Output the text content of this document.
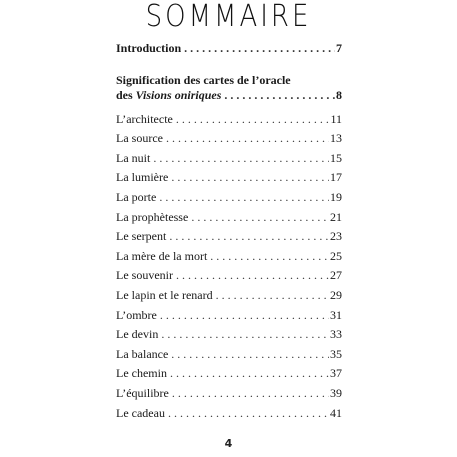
SOMMAIRE
Introduction . . .	7
Signification des cartes de l’oracle
des Visions oniriques . . .	8
L’architecte . . .	11
La source . . .	13
La nuit . . .	15
La lumière . . .	17
La porte . . .	19
La prophètesse . . .	21
Le serpent . . .	23
La mère de la mort . . .	25
Le souvenir . . .	27
Le lapin et le renard . . .	29
L’ombre . . .	31
Le devin . . .	33
La balance . . .	35
Le chemin . . .	37
L’équilibre . . .	39
Le cadeau . . .	41
4
